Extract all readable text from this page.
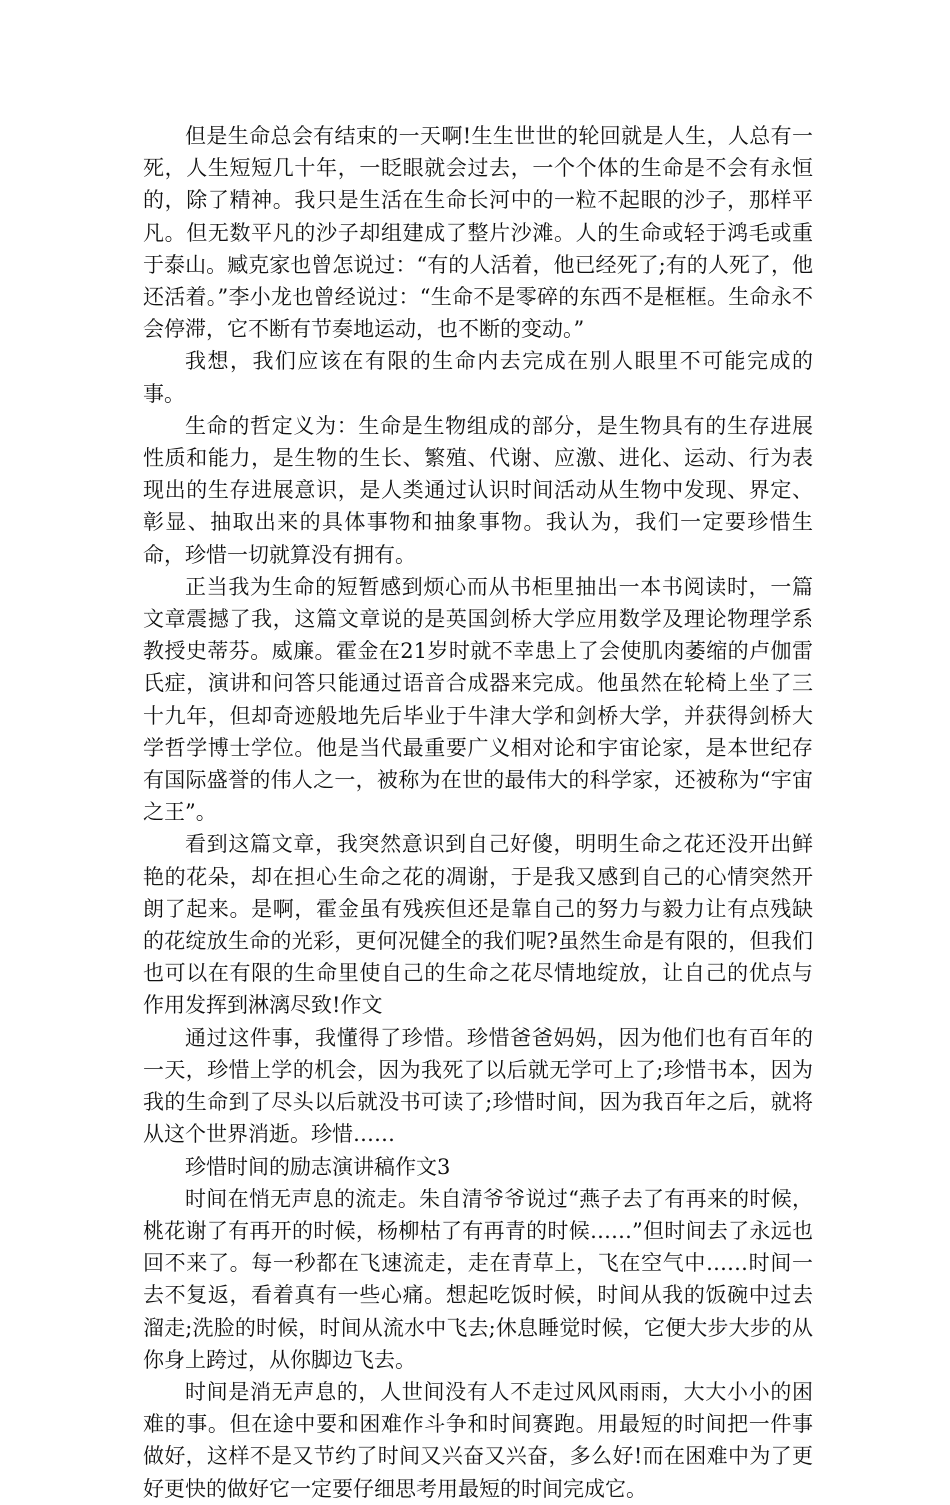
但是生命总会有结束的一天啊!生生世世的轮回就是人生，人总有一死，人生短短几十年，一眨眼就会过去，一个个体的生命是不会有永恒的，除了精神。我只是生活在生命长河中的一粒不起眼的沙子，那样平凡。但无数平凡的沙子却组建成了整片沙滩。人的生命或轻于鸿毛或重于泰山。臧克家也曾怎说过：“有的人活着，他已经死了;有的人死了，他还活着。”李小龙也曾经说过：“生命不是零碎的东西不是框框。生命永不会停滞，它不断有节奏地运动，也不断的变动。”

我想，我们应该在有限的生命内去完成在别人眼里不可能完成的事。

生命的哲定义为：生命是生物组成的部分，是生物具有的生存进展性质和能力，是生物的生长、繁殖、代谢、应激、进化、运动、行为表现出的生存进展意识，是人类通过认识时间活动从生物中发现、界定、彰显、抽取出来的具体事物和抽象事物。我认为，我们一定要珍惜生命，珍惜一切就算没有拥有。

正当我为生命的短暂感到烦心而从书柜里抽出一本书阅读时，一篇文章震撼了我，这篇文章说的是英国剑桥大学应用数学及理论物理学系教授史蒂芬。威廉。霍金在21岁时就不幸患上了会使肌肉萎缩的卢伽雷氏症，演讲和问答只能通过语音合成器来完成。他虽然在轮椅上坐了三十九年，但却奇迹般地先后毕业于牛津大学和剑桥大学，并获得剑桥大学哲学博士学位。他是当代最重要广义相对论和宇宙论家，是本世纪存有国际盛誉的伟人之一，被称为在世的最伟大的科学家，还被称为“宇宙之王”。

看到这篇文章，我突然意识到自己好傻，明明生命之花还没开出鲜艳的花朵，却在担心生命之花的凋谢，于是我又感到自己的心情突然开朗了起来。是啊，霍金虽有残疾但还是靠自己的努力与毅力让有点残缺的花绽放生命的光彩，更何况健全的我们呢?虽然生命是有限的，但我们也可以在有限的生命里使自己的生命之花尽情地绽放，让自己的优点与作用发挥到淋漓尽致!作文

通过这件事，我懂得了珍惜。珍惜爸爸妈妈，因为他们也有百年的一天，珍惜上学的机会，因为我死了以后就无学可上了;珍惜书本，因为我的生命到了尽头以后就没书可读了;珍惜时间，因为我百年之后，就将从这个世界消逝。珍惜……

珍惜时间的励志演讲稿作文3

时间在悄无声息的流走。朱自清爷爷说过“燕子去了有再来的时候，桃花谢了有再开的时候，杨柳枯了有再青的时候……”但时间去了永远也回不来了。每一秒都在飞速流走，走在青草上，飞在空气中……时间一去不复返，看着真有一些心痛。想起吃饭时候，时间从我的饭碗中过去溜走;洗脸的时候，时间从流水中飞去;休息睡觉时候，它便大步大步的从你身上跨过，从你脚边飞去。

时间是消无声息的，人世间没有人不走过风风雨雨，大大小小的困难的事。但在途中要和困难作斗争和时间赛跑。用最短的时间把一件事做好，这样不是又节约了时间又兴奋又兴奋，多么好!而在困难中为了更好更快的做好它一定要仔细思考用最短的时间完成它。
